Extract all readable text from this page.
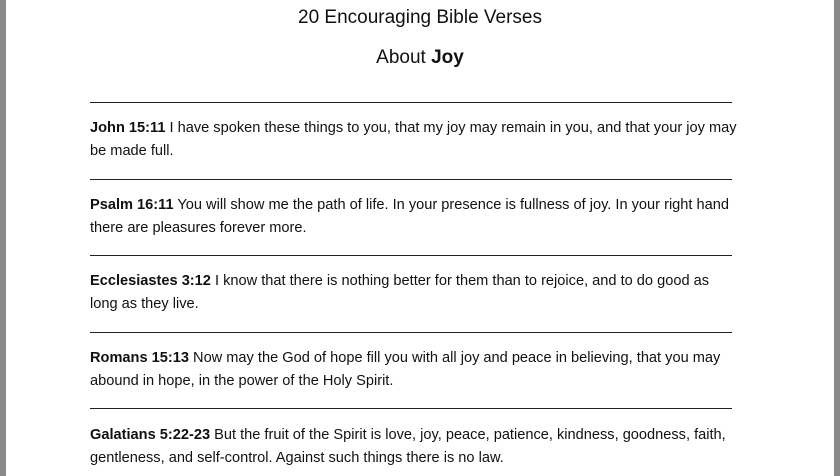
20 Encouraging Bible Verses
About Joy
John 15:11 I have spoken these things to you, that my joy may remain in you, and that your joy may be made full.
Psalm 16:11 You will show me the path of life. In your presence is fullness of joy. In your right hand there are pleasures forever more.
Ecclesiastes 3:12 I know that there is nothing better for them than to rejoice, and to do good as long as they live.
Romans 15:13 Now may the God of hope fill you with all joy and peace in believing, that you may abound in hope, in the power of the Holy Spirit.
Galatians 5:22-23 But the fruit of the Spirit is love, joy, peace, patience, kindness, goodness, faith, gentleness, and self-control. Against such things there is no law.
